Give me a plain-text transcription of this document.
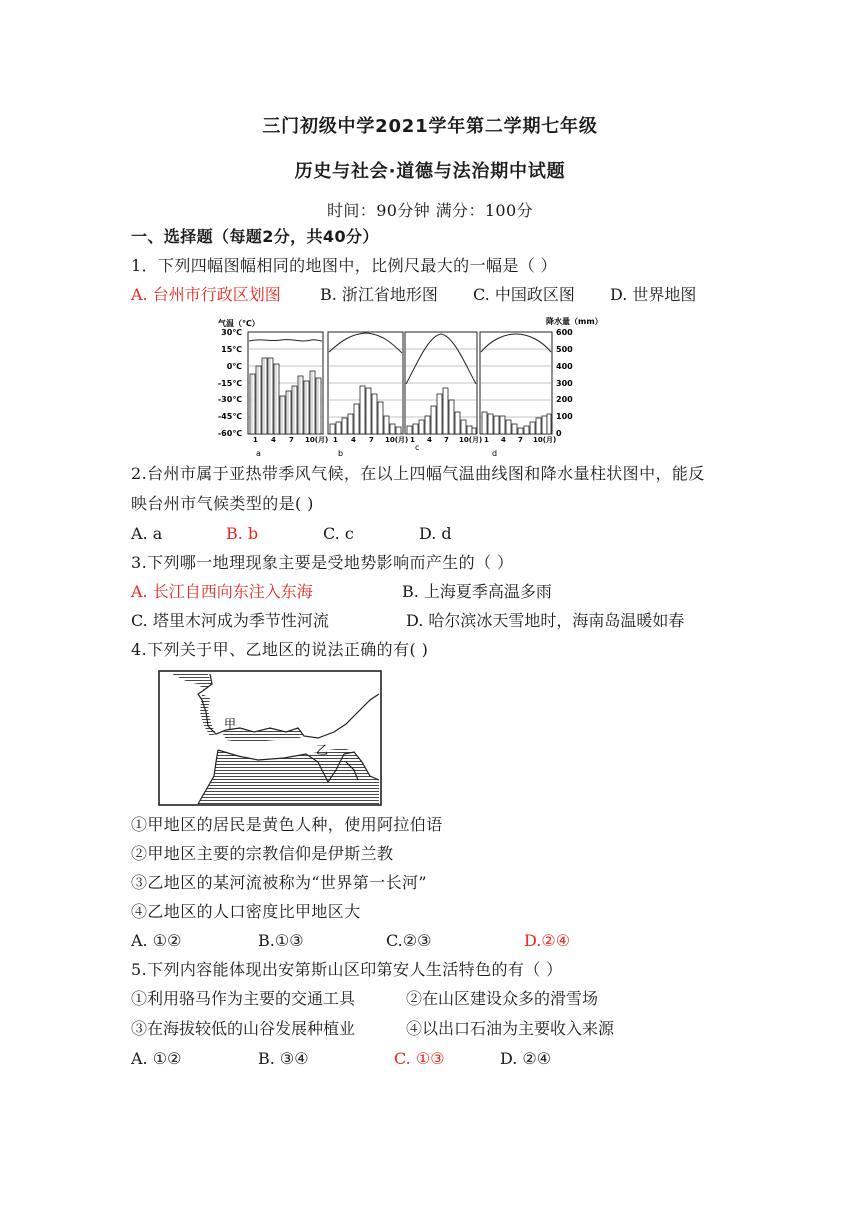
三门初级中学2021学年第二学期七年级
历史与社会·道德与法治期中试题
时间：90分钟 满分：100分
一、选择题（每题2分，共40分）
1．下列四幅图幅相同的地图中，比例尺最大的一幅是（ ）
A. 台州市行政区划图 B. 浙江省地形图 C. 中国政区图 D. 世界地图
气温（℃）	降水量（mm）
30℃
15℃
0℃
-15℃
-30℃
-45℃
-60℃
600
500
400
300
200
100
0
1 4 7 10(月)
a
1 4 7 10(月)
b
1 4 7 10(月)
c
1 4 7 10(月)
d
2.台州市属于亚热带季风气候，在以上四幅气温曲线图和降水量柱状图中，能反
映台州市气候类型的是( )
A. a	B. b	C. c	D. d
3.下列哪一地理现象主要是受地势影响而产生的（ ）
A. 长江自西向东注入东海	B. 上海夏季高温多雨
C. 塔里木河成为季节性河流	D. 哈尔滨冰天雪地时，海南岛温暖如春
4.下列关于甲、乙地区的说法正确的有( )
甲
乙
①甲地区的居民是黄色人种，使用阿拉伯语
②甲地区主要的宗教信仰是伊斯兰教
③乙地区的某河流被称为“世界第一长河”
④乙地区的人口密度比甲地区大
A. ①②	B.①③	C.②③	D.②④
5.下列内容能体现出安第斯山区印第安人生活特色的有（ ）
①利用骆马作为主要的交通工具	②在山区建设众多的滑雪场
③在海拔较低的山谷发展种植业	④以出口石油为主要收入来源
A. ①②	B. ③④	C. ①③	D. ②④
